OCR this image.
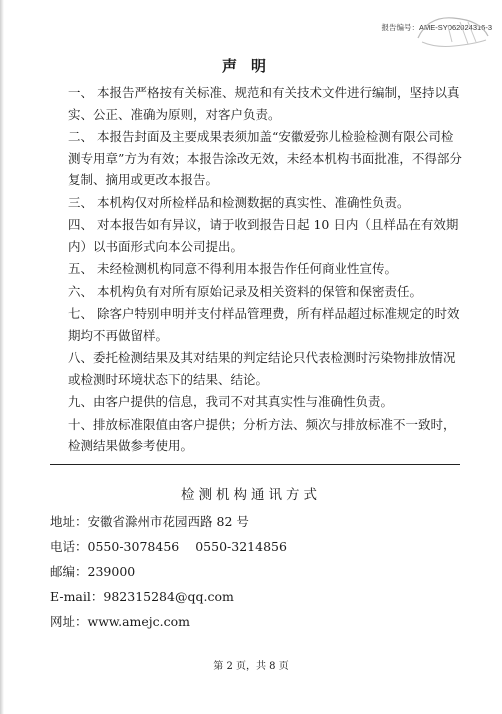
报告编号：AME-SY062024316-3
声明

一、 本报告严格按有关标准、规范和有关技术文件进行编制，坚持以真实、公正、准确为原则，对客户负责。

二、 本报告封面及主要成果表须加盖“安徽爱弥儿检验检测有限公司检测专用章”方为有效；本报告涂改无效，未经本机构书面批准，不得部分复制、摘用或更改本报告。

三、 本机构仅对所检样品和检测数据的真实性、准确性负责。

四、 对本报告如有异议，请于收到报告日起 10 日内（且样品在有效期内）以书面形式向本公司提出。

五、 未经检测机构同意不得利用本报告作任何商业性宣传。

六、 本机构负有对所有原始记录及相关资料的保管和保密责任。

七、 除客户特别申明并支付样品管理费，所有样品超过标准规定的时效期均不再做留样。

八、委托检测结果及其对结果的判定结论只代表检测时污染物排放情况或检测时环境状态下的结果、结论。

九、由客户提供的信息，我司不对其真实性与准确性负责。

十、排放标准限值由客户提供；分析方法、频次与排放标准不一致时，检测结果做参考使用。

检测机构通讯方式
地址：安徽省滁州市花园西路 82 号
电话：0550-3078456 0550-3214856
邮编：239000
E-mail：982315284@qq.com
网址：www.amejc.com
第 2 页，共 8 页
